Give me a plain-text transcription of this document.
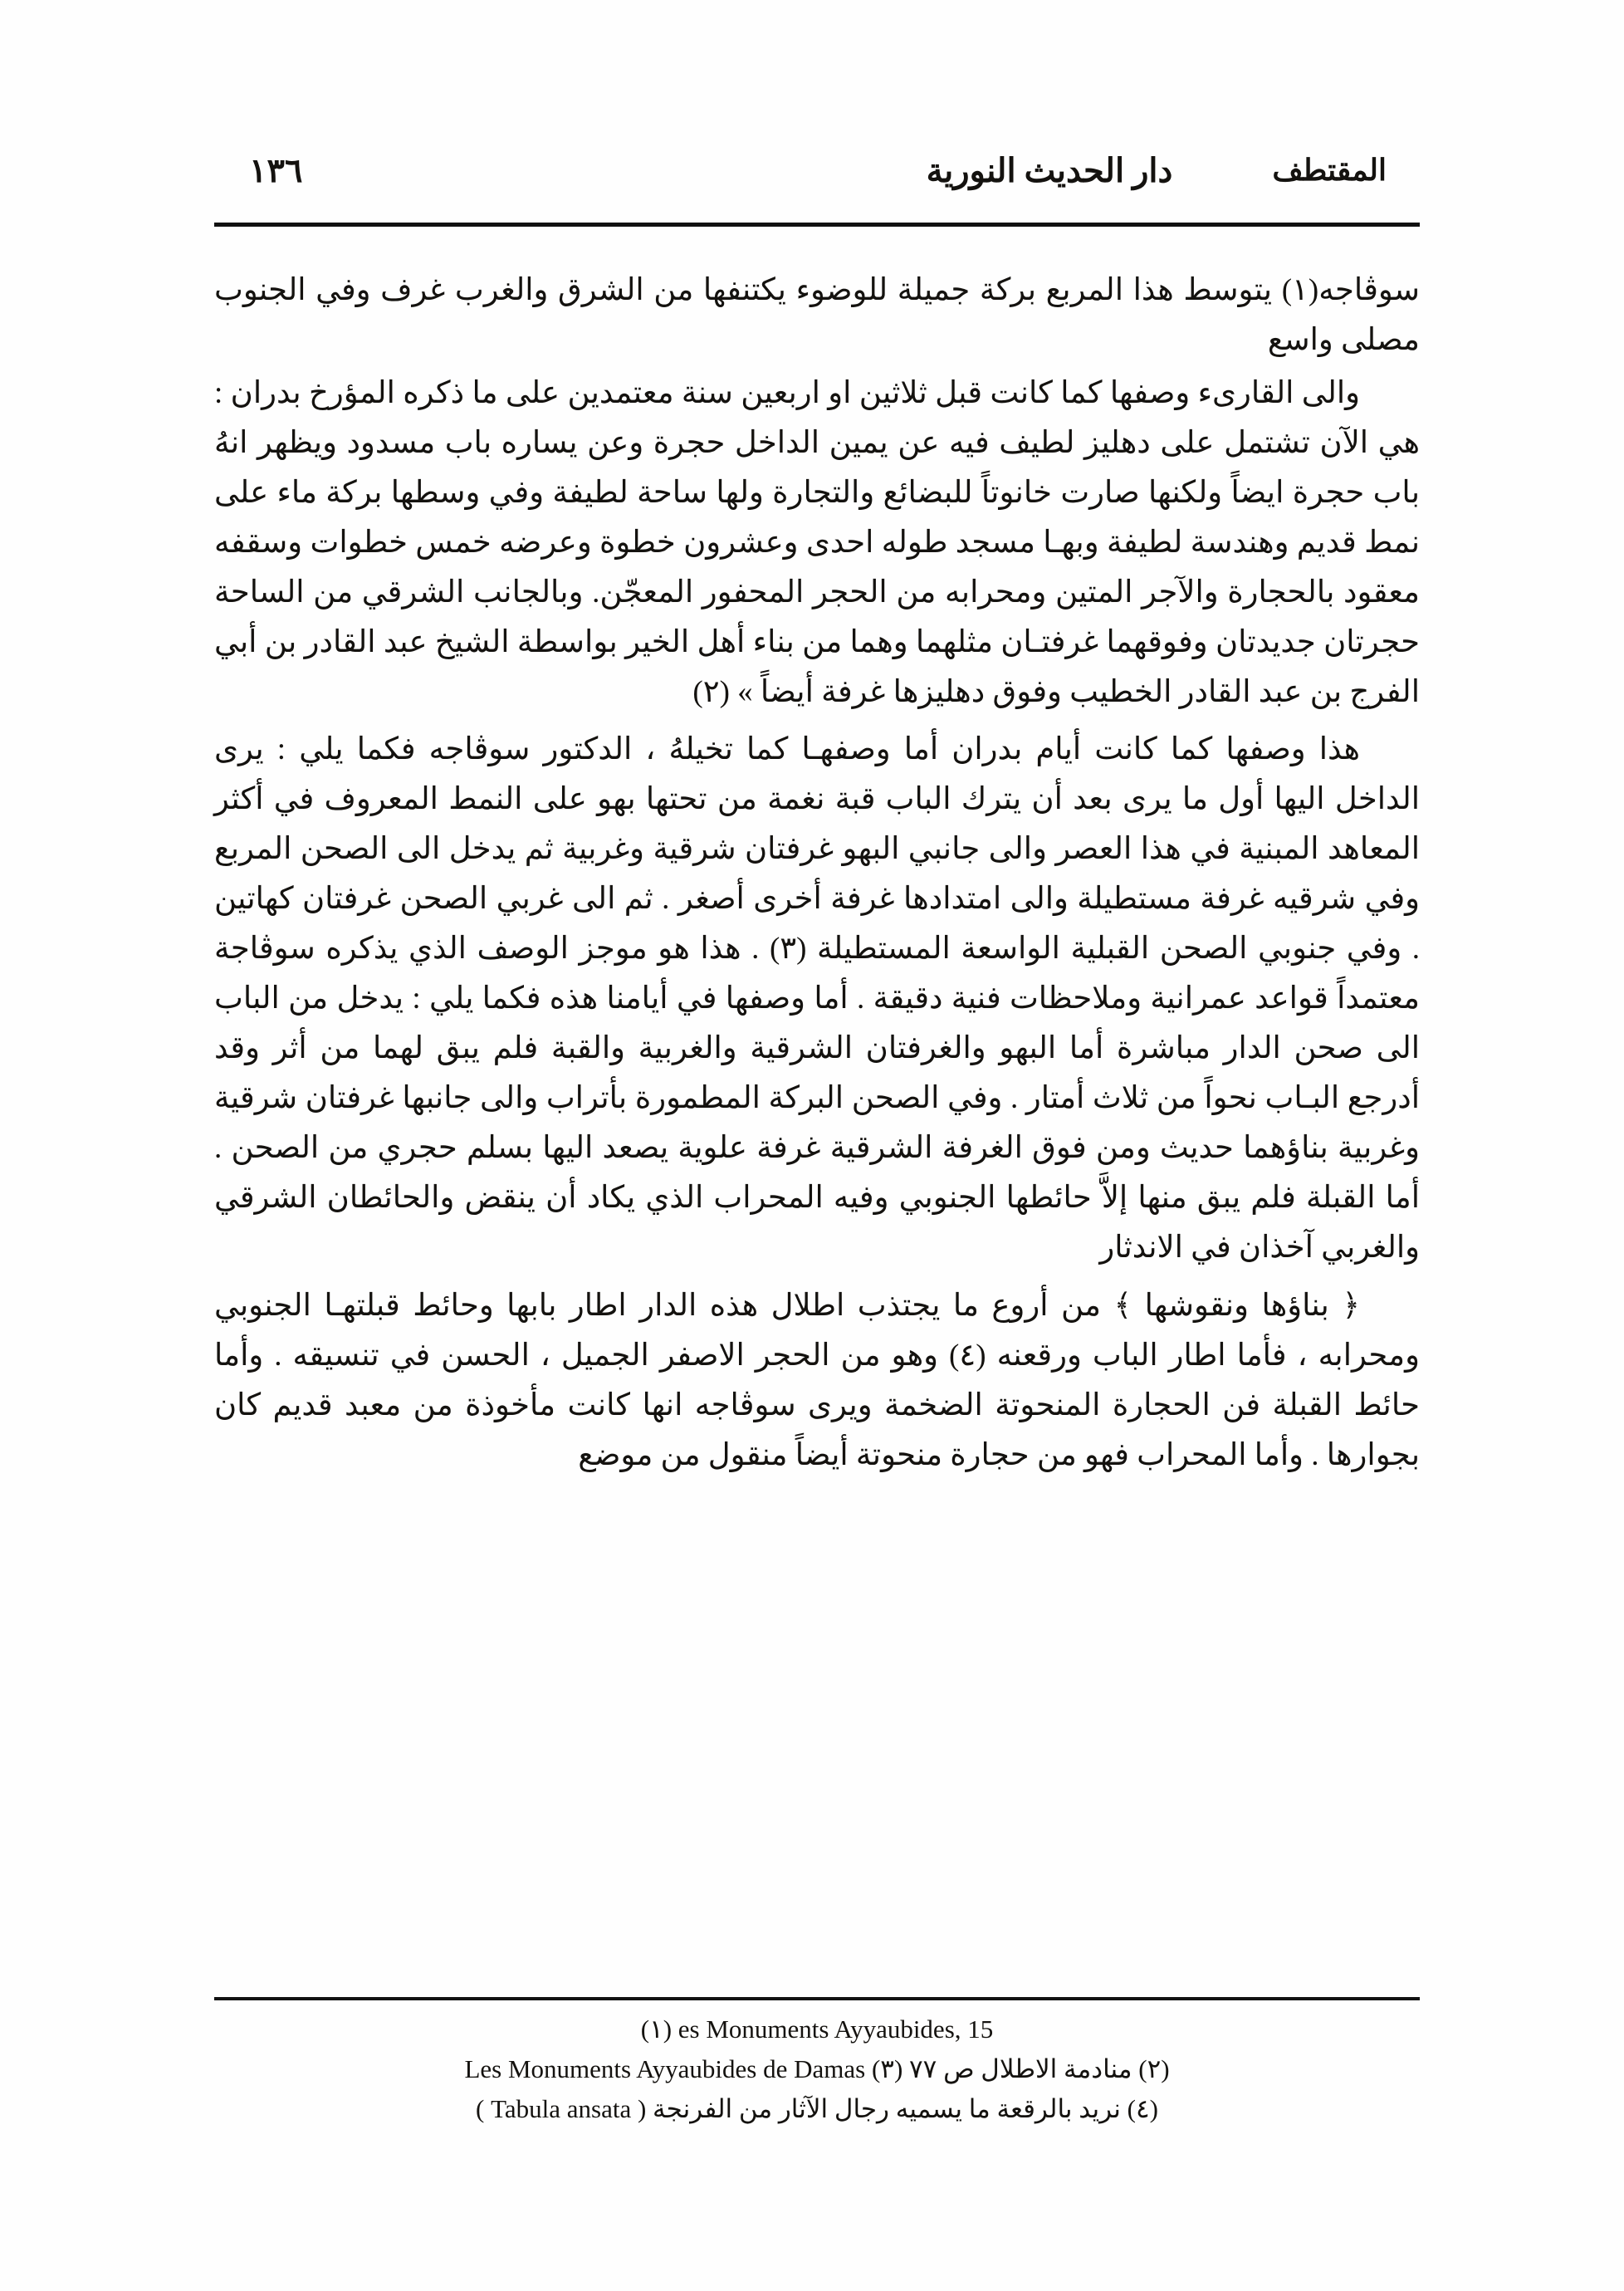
١٣٦	دار الحديث النورية	المقتطف

سوڤاجه(١) يتوسط هذا المربع بركة جميلة للوضوء يكتنفها من الشرق والغرب غرف وفي الجنوب مصلى واسع

والى القارىء وصفها كما كانت قبل ثلاثين او اربعين سنة معتمدين على ما ذكره المؤرخ بدران : هي الآن تشتمل على دهليز لطيف فيه عن يمين الداخل حجرة وعن يساره باب مسدود ويظهر انهُ باب حجرة ايضاً ولكنها صارت خانوتاً للبضائع والتجارة ولها ساحة لطيفة وفي وسطها بركة ماء على نمط قديم وهندسة لطيفة وبهـا مسجد طوله احدى وعشرون خطوة وعرضه خمس خطوات وسقفه معقود بالحجارة والآجر المتين ومحرابه من الحجر المحفور المعجّن. وبالجانب الشرقي من الساحة حجرتان جديدتان وفوقهما غرفتـان مثلهما وهما من بناء أهل الخير بواسطة الشيخ عبد القادر بن أبي الفرج بن عبد القادر الخطيب وفوق دهليزها غرفة أيضاً » (٢)

هذا وصفها كما كانت أيام بدران أما وصفهـا كما تخيلهُ ، الدكتور سوڤاجه فكما يلي : يرى الداخل اليها أول ما يرى بعد أن يترك الباب قبة نغمة من تحتها بهو على النمط المعروف في أكثر المعاهد المبنية في هذا العصر والى جانبي البهو غرفتان شرقية وغربية ثم يدخل الى الصحن المربع وفي شرقيه غرفة مستطيلة والى امتدادها غرفة أخرى أصغر . ثم الى غربي الصحن غرفتان كهاتين . وفي جنوبي الصحن القبلية الواسعة المستطيلة (٣) . هذا هو موجز الوصف الذي يذكره سوڤاجة معتمداً قواعد عمرانية وملاحظات فنية دقيقة . أما وصفها في أيامنا هذه فكما يلي : يدخل من الباب الى صحن الدار مباشرة أما البهو والغرفتان الشرقية والغربية والقبة فلم يبق لهما من أثر وقد أدرجع البـاب نحواً من ثلاث أمتار . وفي الصحن البركة المطمورة بأتراب والى جانبها غرفتان شرقية وغربية بناؤهما حديث ومن فوق الغرفة الشرقية غرفة علوية يصعد اليها بسلم حجري من الصحن . أما القبلة فلم يبق منها إلاَّ حائطها الجنوبي وفيه المحراب الذي يكاد أن ينقض والحائطان الشرقي والغربي آخذان في الاندثار

﴿ بناؤها ونقوشها ﴾ من أروع ما يجتذب اطلال هذه الدار اطار بابها وحائط قبلتهـا الجنوبي ومحرابه ، فأما اطار الباب ورقعنه (٤) وهو من الحجر الاصفر الجميل ، الحسن في تنسيقه . وأما حائط القبلة فن الحجارة المنحوتة الضخمة ويرى سوڤاجه انها كانت مأخوذة من معبد قديم كان بجوارها . وأما المحراب فهو من حجارة منحوتة أيضاً منقول من موضع

es Monuments Ayyaubides, 15 (١)

(٢) منادمة الاطلال ص ٧٧ (٣) Les Monuments Ayyaubides de Damas

(٤) نريد بالرقعة ما يسميه رجال الآثار من الفرنجة ( Tabula ansata )
